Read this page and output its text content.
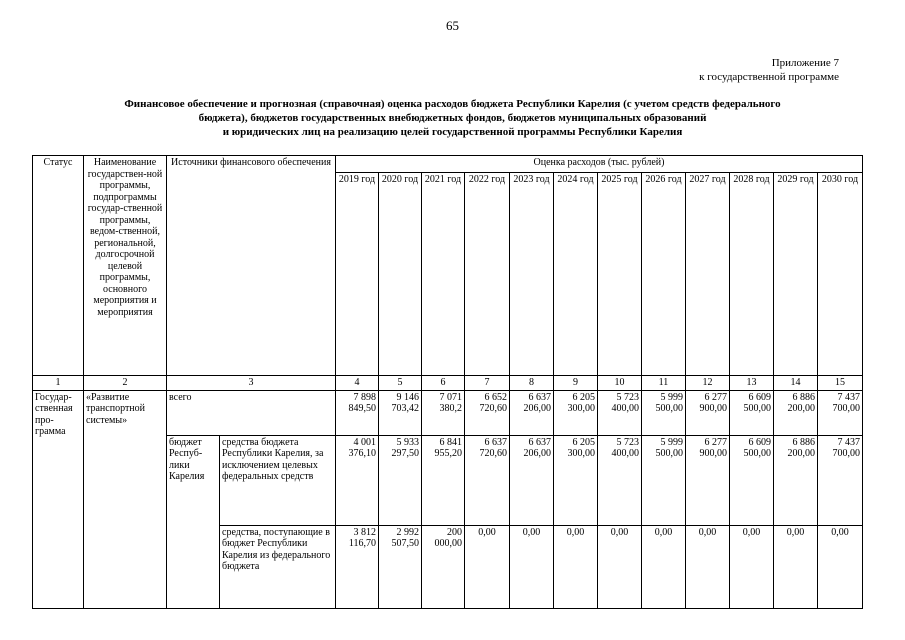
65
Приложение 7
к государственной программе
Финансовое обеспечение и прогнозная (справочная) оценка расходов бюджета Республики Карелия (с учетом средств федерального
бюджета), бюджетов государственных внебюджетных фондов, бюджетов муниципальных образований
и юридических лиц на реализацию целей государственной программы Республики Карелия
Статус	Наименование государствен-ной программы, подпрограммы государ-ственной программы, ведом-ственной, региональной, долгосрочной целевой программы, основного мероприятия и мероприятия	Источники финансового обеспечения		Оценка расходов (тыс. рублей)											
				2019 год	2020 год	2021 год	2022 год	2023 год	2024 год	2025 год	2026 год	2027 год	2028 год	2029 год	2030 год
1	2	3		4	5	6	7	8	9	10	11	12	13	14	15
Государ-ственная про-грамма	«Развитие транспортной системы»	всего		7 898 849,50	9 146 703,42	7 071 380,2	6 652 720,60	6 637 206,00	6 205 300,00	5 723 400,00	5 999 500,00	6 277 900,00	6 609 500,00	6 886 200,00	7 437 700,00
		бюджет Респуб-лики Карелия	средства бюджета Республики Карелия, за исключением целевых федеральных средств	4 001 376,10	5 933 297,50	6 841 955,20	6 637 720,60	6 637 206,00	6 205 300,00	5 723 400,00	5 999 500,00	6 277 900,00	6 609 500,00	6 886 200,00	7 437 700,00
			средства, поступающие в бюджет Республики Карелия из федерального бюджета	3 812 116,70	2 992 507,50	200 000,00	0,00	0,00	0,00	0,00	0,00	0,00	0,00	0,00	0,00
